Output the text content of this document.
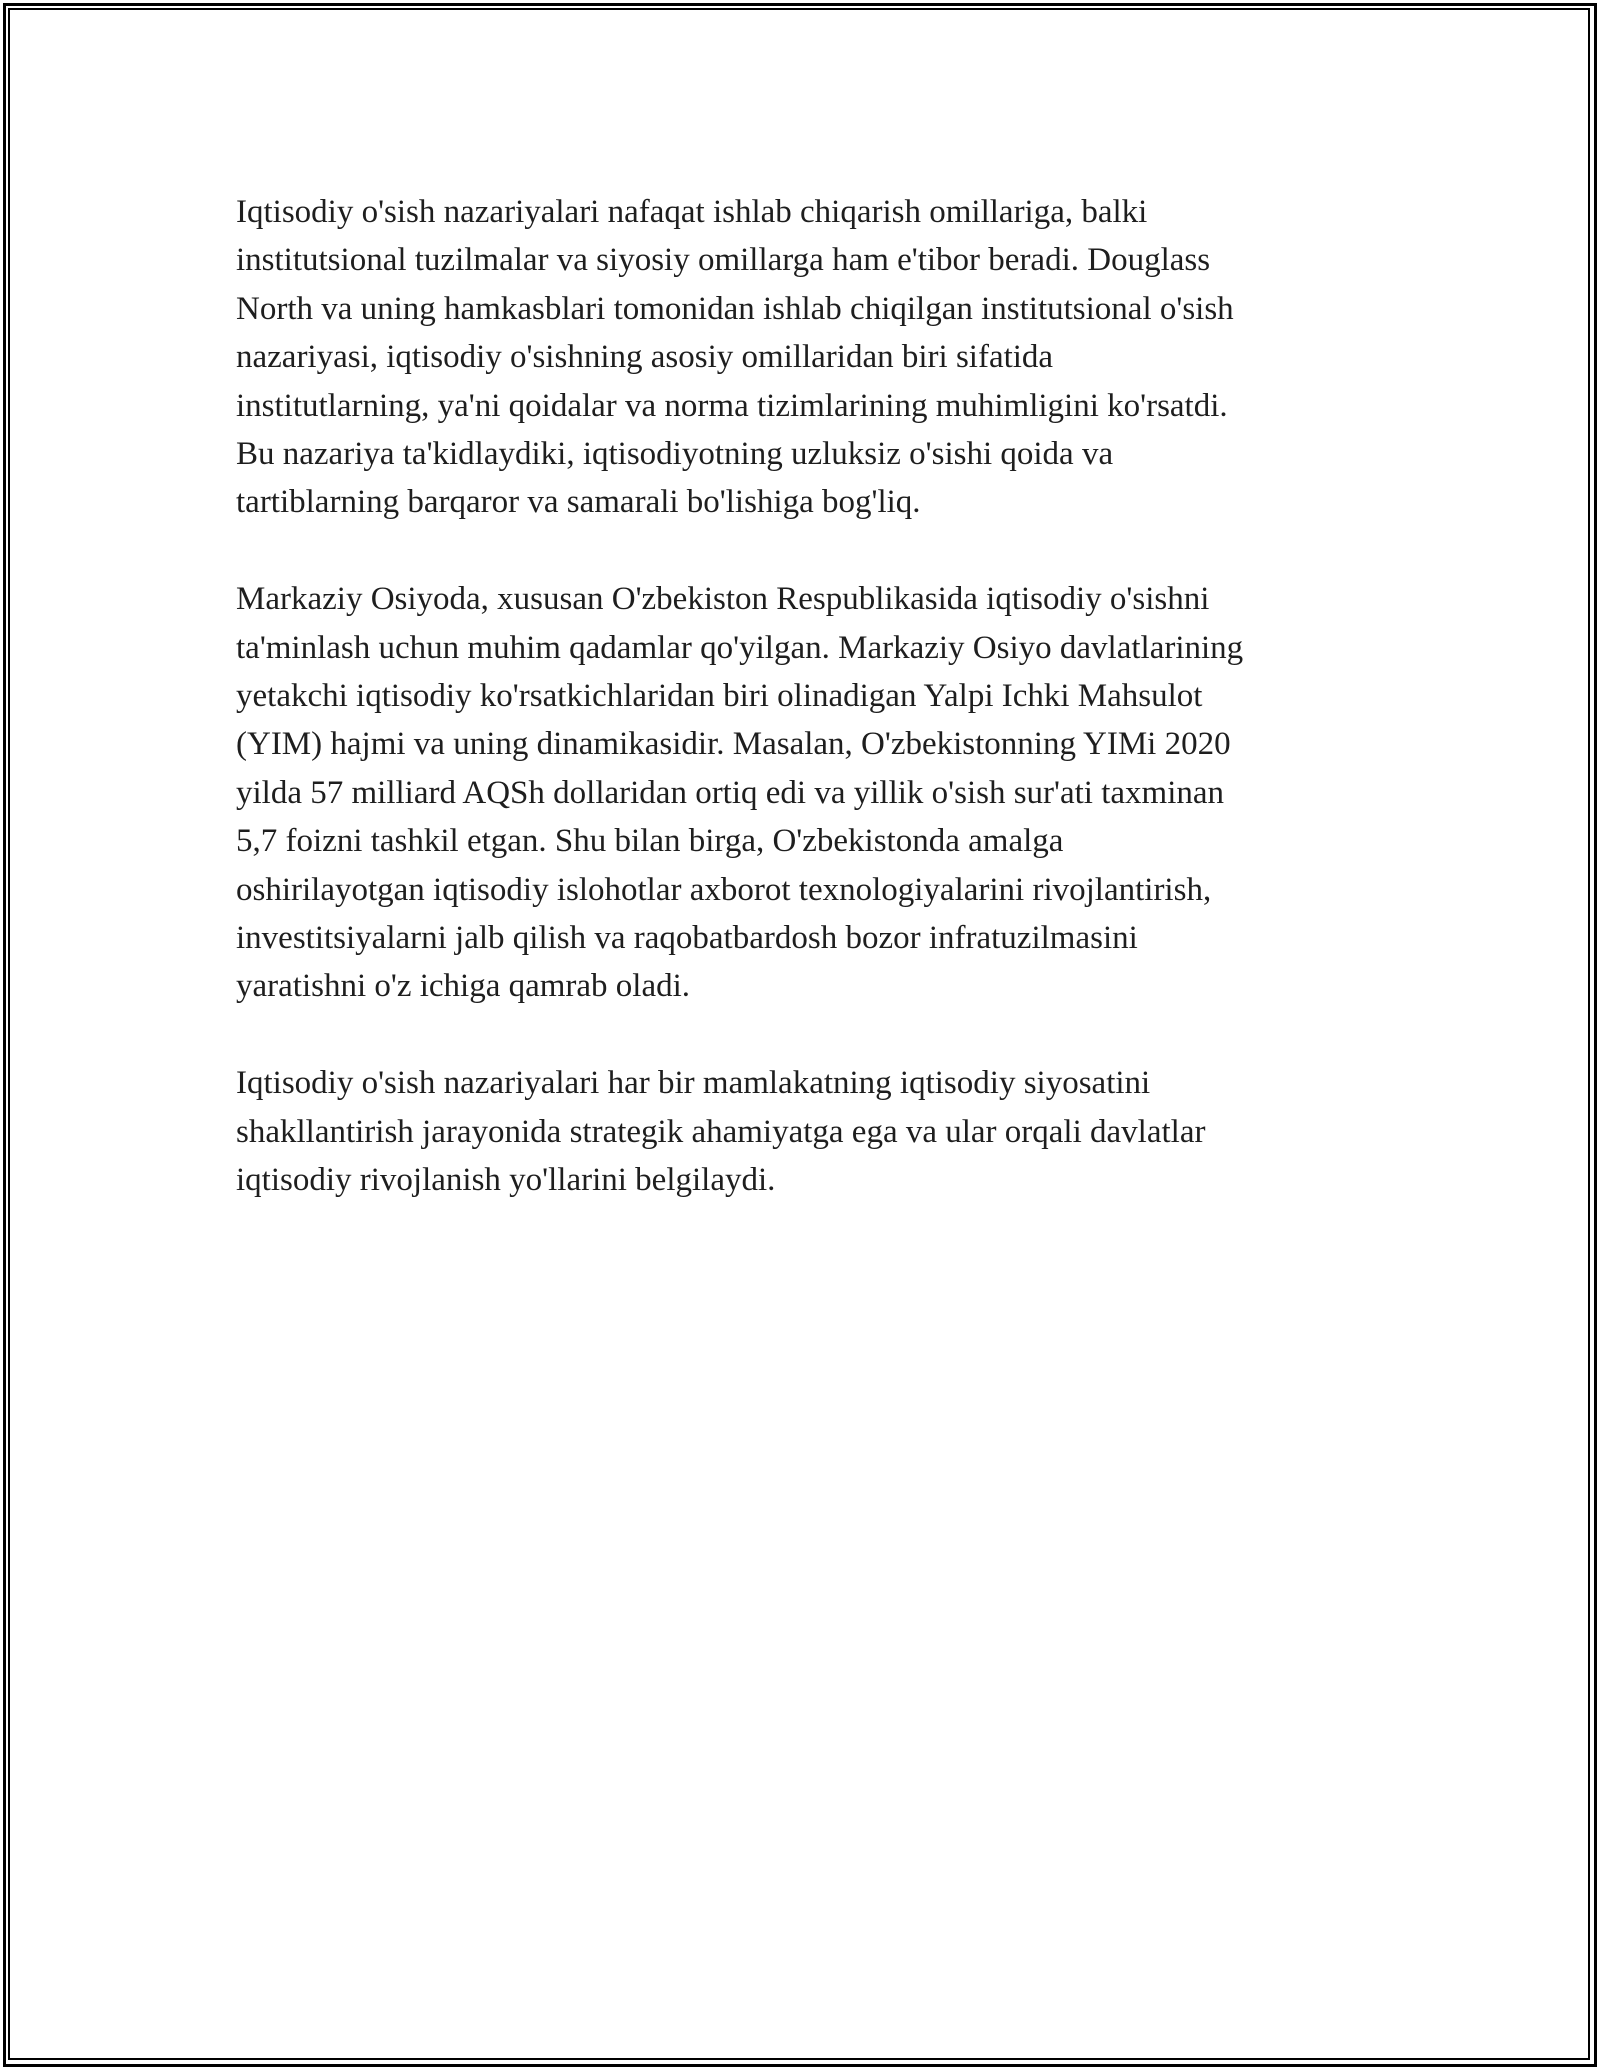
Iqtisodiy o'sish nazariyalari nafaqat ishlab chiqarish omillariga, balki
institutsional tuzilmalar va siyosiy omillarga ham e'tibor beradi. Douglass
North va uning hamkasblari tomonidan ishlab chiqilgan institutsional o'sish
nazariyasi, iqtisodiy o'sishning asosiy omillaridan biri sifatida
institutlarning, ya'ni qoidalar va norma tizimlarining muhimligini ko'rsatdi.
Bu nazariya ta'kidlaydiki, iqtisodiyotning uzluksiz o'sishi qoida va
tartiblarning barqaror va samarali bo'lishiga bog'liq.

Markaziy Osiyoda, xususan O'zbekiston Respublikasida iqtisodiy o'sishni
ta'minlash uchun muhim qadamlar qo'yilgan. Markaziy Osiyo davlatlarining
yetakchi iqtisodiy ko'rsatkichlaridan biri olinadigan Yalpi Ichki Mahsulot
(YIM) hajmi va uning dinamikasidir. Masalan, O'zbekistonning YIMi 2020
yilda 57 milliard AQSh dollaridan ortiq edi va yillik o'sish sur'ati taxminan
5,7 foizni tashkil etgan. Shu bilan birga, O'zbekistonda amalga
oshirilayotgan iqtisodiy islohotlar axborot texnologiyalarini rivojlantirish,
investitsiyalarni jalb qilish va raqobatbardosh bozor infratuzilmasini
yaratishni o'z ichiga qamrab oladi.

Iqtisodiy o'sish nazariyalari har bir mamlakatning iqtisodiy siyosatini
shakllantirish jarayonida strategik ahamiyatga ega va ular orqali davlatlar
iqtisodiy rivojlanish yo'llarini belgilaydi.
